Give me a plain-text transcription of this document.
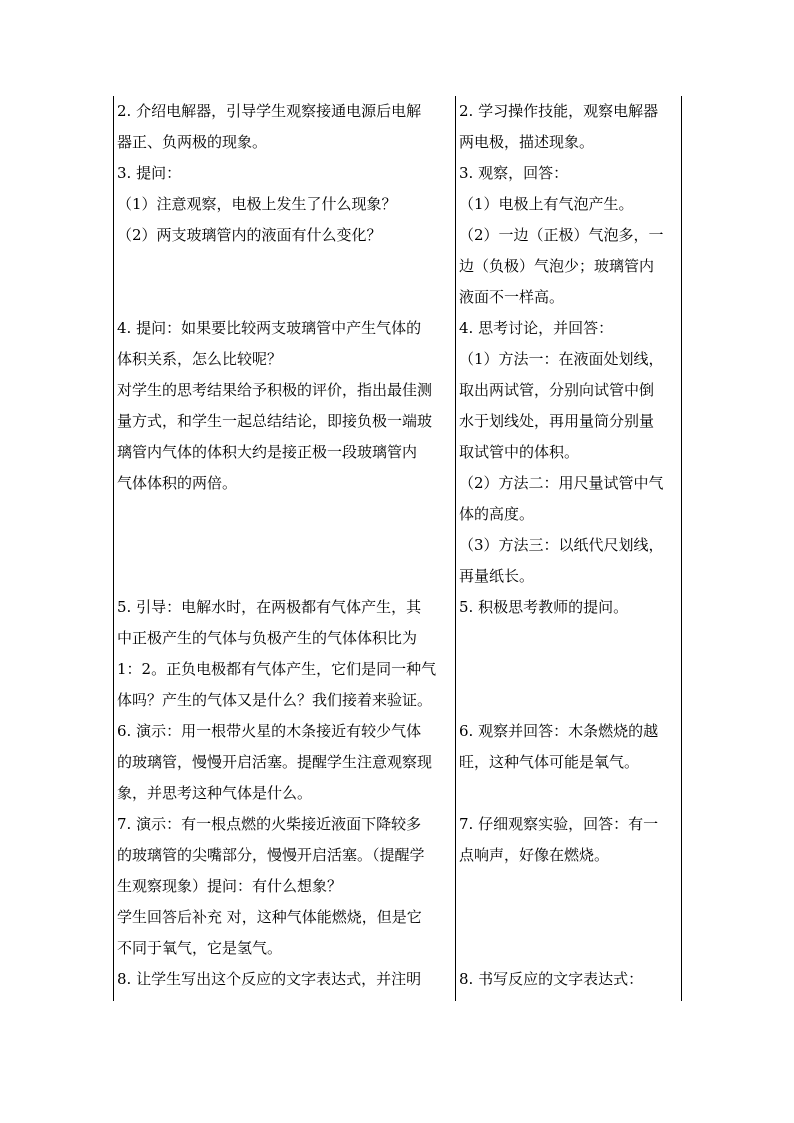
2. 介绍电解器，引导学生观察接通电源后电解
器正、负两极的现象。
3. 提问：
（1）注意观察，电极上发生了什么现象？
（2）两支玻璃管内的液面有什么变化？
4. 提问：如果要比较两支玻璃管中产生气体的
体积关系，怎么比较呢？
对学生的思考结果给予积极的评价，指出最佳测
量方式，和学生一起总结结论，即接负极一端玻
璃管内气体的体积大约是接正极一段玻璃管内
气体体积的两倍。
5. 引导：电解水时，在两极都有气体产生，其
中正极产生的气体与负极产生的气体体积比为
1：2。正负电极都有气体产生，它们是同一种气
体吗？产生的气体又是什么？我们接着来验证。
6. 演示：用一根带火星的木条接近有较少气体
的玻璃管，慢慢开启活塞。提醒学生注意观察现
象，并思考这种气体是什么。
7. 演示：有一根点燃的火柴接近液面下降较多
的玻璃管的尖嘴部分，慢慢开启活塞。（提醒学
生观察现象）提问：有什么想象？
学生回答后补充 对，这种气体能燃烧，但是它
不同于氧气，它是氢气。
8. 让学生写出这个反应的文字表达式，并注明
2. 学习操作技能，观察电解器
两电极，描述现象。
3. 观察，回答：
（1）电极上有气泡产生。
（2）一边（正极）气泡多，一
边（负极）气泡少；玻璃管内
液面不一样高。
4. 思考讨论，并回答：
（1）方法一：在液面处划线，
取出两试管，分别向试管中倒
水于划线处，再用量筒分别量
取试管中的体积。
（2）方法二：用尺量试管中气
体的高度。
（3）方法三：以纸代尺划线，
再量纸长。
5. 积极思考教师的提问。
6. 观察并回答：木条燃烧的越
旺，这种气体可能是氧气。
7. 仔细观察实验，回答：有一
点响声，好像在燃烧。
8. 书写反应的文字表达式：
